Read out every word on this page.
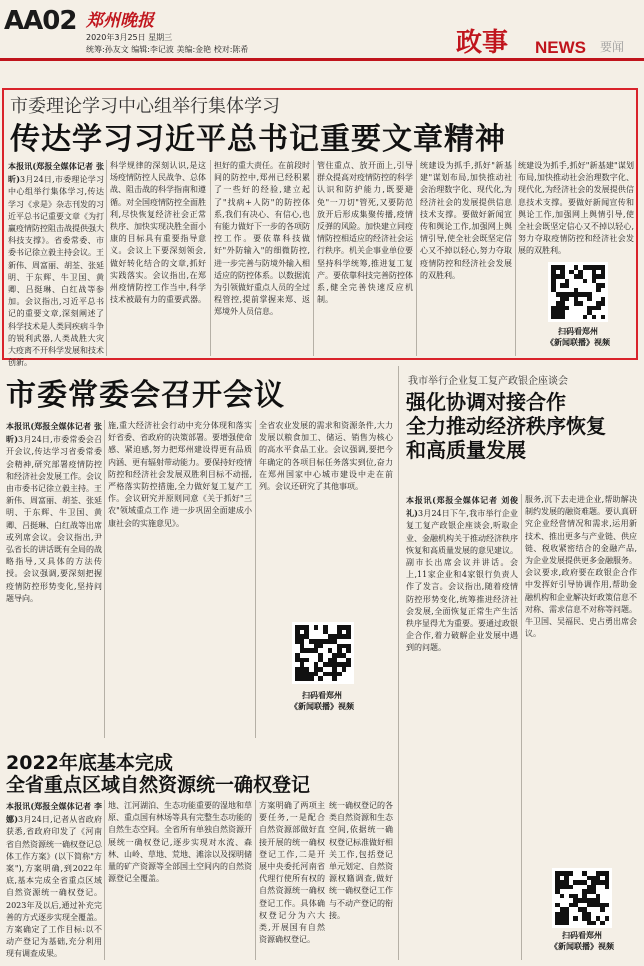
AA02 郑州晚报
2020年3月25日 星期三
统筹:孙友文 编辑:李记波 美编:金艳 校对:陈希	政事 NEWS 要闻
市委理论学习中心组举行集体学习
传达学习习近平总书记重要文章精神
本报讯(郑报全媒体记者 张昕)3月24日,市委理论学习中心组举行集体学习,传达学习《求是》杂志刊发的习近平总书记重要文章《为打赢疫情防控阻击战提供强大科技支撑》。省委常委、市委书记徐立毅主持会议。王新伟、周富丽、胡荃、张延明、于东辉、牛卫国、黄卿、吕挺琳、白红战等参加。会议指出,习近平总书记的重要文章,深刻阐述了科学技术是人类同疾病斗争的锐利武器,人类战胜大灾大疫离不开科学发展和技术创新。
科学规律的深刻认识,是这场疫情防控人民战争、总体战、阻击战的科学指南和遵循。对全国疫情防控全面胜利,尽快恢复经济社会正常秩序、加快实现决胜全面小康的目标具有重要指导意义。会议上下要深刻领会,做好转化结合的文章,抓好实践落实。会议指出,在郑州疫情防控工作当中,科学技术被最有力的重要武器。
担好的重大责任。在前段时间的防控中,郑州已经积累了一些好的经验,建立起了"找病+人防"的防控体系,我们有决心、有信心,也有能力做好下一步的各项防控工作。要依靠科技做好"外防输入"的细微防控,进一步完善与防境外输入相适应的防控体系。以数据流为引领做好重点人员的全过程管控,提前掌握来郑、返郑境外人员信息。
管住重点、放开面上,引导群众提高对疫情防控的科学认识和防护能力,既要避免"一刀切"管死,又要防范放开后形成集聚传播,疫情反弹的风险。加快建立同疫情防控相适应的经济社会运行秩序。机关企事业单位要坚持科学统筹,推进复工复产。要依靠科技完善防控体系,健全完善快速反应机制。
统建设为抓手,抓好"新基建"谋划布局,加快推动社会治理数字化、现代化,为经济社会的发展提供信息技术支撑。要做好新闻宣传和舆论工作,加强网上舆情引导,使全社会既坚定信心又不掉以轻心,努力夺取疫情防控和经济社会发展的双胜利。
统建设为抓手,抓好"新基建"谋划布局,加快推动社会治理数字化、现代化,为经济社会的发展提供信息技术支撑。要做好新闻宣传和舆论工作,加强网上舆情引导,使全社会既坚定信心又不掉以轻心,努力夺取疫情防控和经济社会发展的双胜利。
扫码看郑州
《新闻联播》视频
市委常委会召开会议
本报讯(郑报全媒体记者 张昕)3月24日,市委常委会召开会议,传达学习省委常委会精神,研究部署疫情防控和经济社会发展工作。会议由市委书记徐立毅主持。王新伟、周富丽、胡荃、张延明、于东辉、牛卫国、黄卿、吕挺琳、白红战等出席或列席会议。会议指出,尹弘省长的讲话既有全局的战略指导,又具体的方法传授。会议强调,要深刻把握疫情防控形势变化,坚持问题导向。
施,重大经济社会行动中充分体现和落实好省委、省政府的决策部署。要增强使命感、紧迫感,努力把郑州建设得更有品质内涵、更有辐射带动能力。要保持好疫情防控和经济社会发展双胜利目标不动摇,严格落实防控措施,全力做好复工复产工作。会议研究并原则同意《关于抓好"三农"领域重点工作 进一步巩固全面建成小康社会的实施意见》。
全省农业发展的需求和资源条件,大力发展以粮食加工、储运、销售为核心的高水平食品工业。会议强调,要把今年确定的各项目标任务落实到位,奋力在郑州国家中心城市建设中走在前列。会议还研究了其他事项。
扫码看郑州
《新闻联播》视频
我市举行企业复工复产政银企座谈会
强化协调对接合作
全力推动经济秩序恢复
和高质量发展
本报讯(郑报全媒体记者 刘俊礼)3月24日下午,我市举行企业复工复产政银企座谈会,听取企业、金融机构关于推动经济秩序恢复和高质量发展的意见建议。副市长出席会议并讲话。会上,11家企业和4家银行负责人作了发言。会议指出,随着疫情防控形势变化,统筹推进经济社会发展,全面恢复正常生产生活秩序显得尤为重要。要通过政银企合作,着力破解企业发展中遇到的问题。
服务,沉下去走进企业,帮助解决制约发展的融资难题。要认真研究企业经营情况和需求,运用新技术、推出更多与产业链、供应链、税收紧密结合的金融产品,为企业发展提供更多金融服务。会议要求,政府要在政银企合作中发挥好引导协调作用,帮助金融机构和企业解决好政策信息不对称、需求信息不对称等问题。牛卫国、吴福民、史占勇出席会议。
扫码看郑州
《新闻联播》视频
2022年底基本完成
全省重点区域自然资源统一确权登记
本报讯(郑报全媒体记者 李娜)3月24日,记者从省政府获悉,省政府印发了《河南省自然资源统一确权登记总体工作方案》(以下简称"方案"),方案明确,到2022年底,基本完成全省重点区域自然资源统一确权登记。2023年及以后,通过补充完善的方式逐步实现全覆盖。方案确定了工作目标:以不动产登记为基础,充分利用现有调查成果。
地、江河湖泊、生态功能重要的湿地和草原、重点国有林场等具有完整生态功能的自然生态空间。全省所有单独自然资源开展统一确权登记,逐步实现对水流、森林、山岭、草地、荒地、滩涂以及探明储量的矿产资源等全部国土空间内的自然资源登记全覆盖。
方案明确了两项主要任务,一是配合自然资源部做好直接开展的统一确权登记工作,二是开展中央委托河南省代理行使所有权的自然资源统一确权登记工作。具体确权登记分为六大类,开展国有自然资源确权登记。
统一确权登记的各类自然资源和生态空间,依据统一确权登记标准做好相关工作,包括登记单元划定、自然资源权籍调查,做好统一确权登记工作与不动产登记的衔接。
